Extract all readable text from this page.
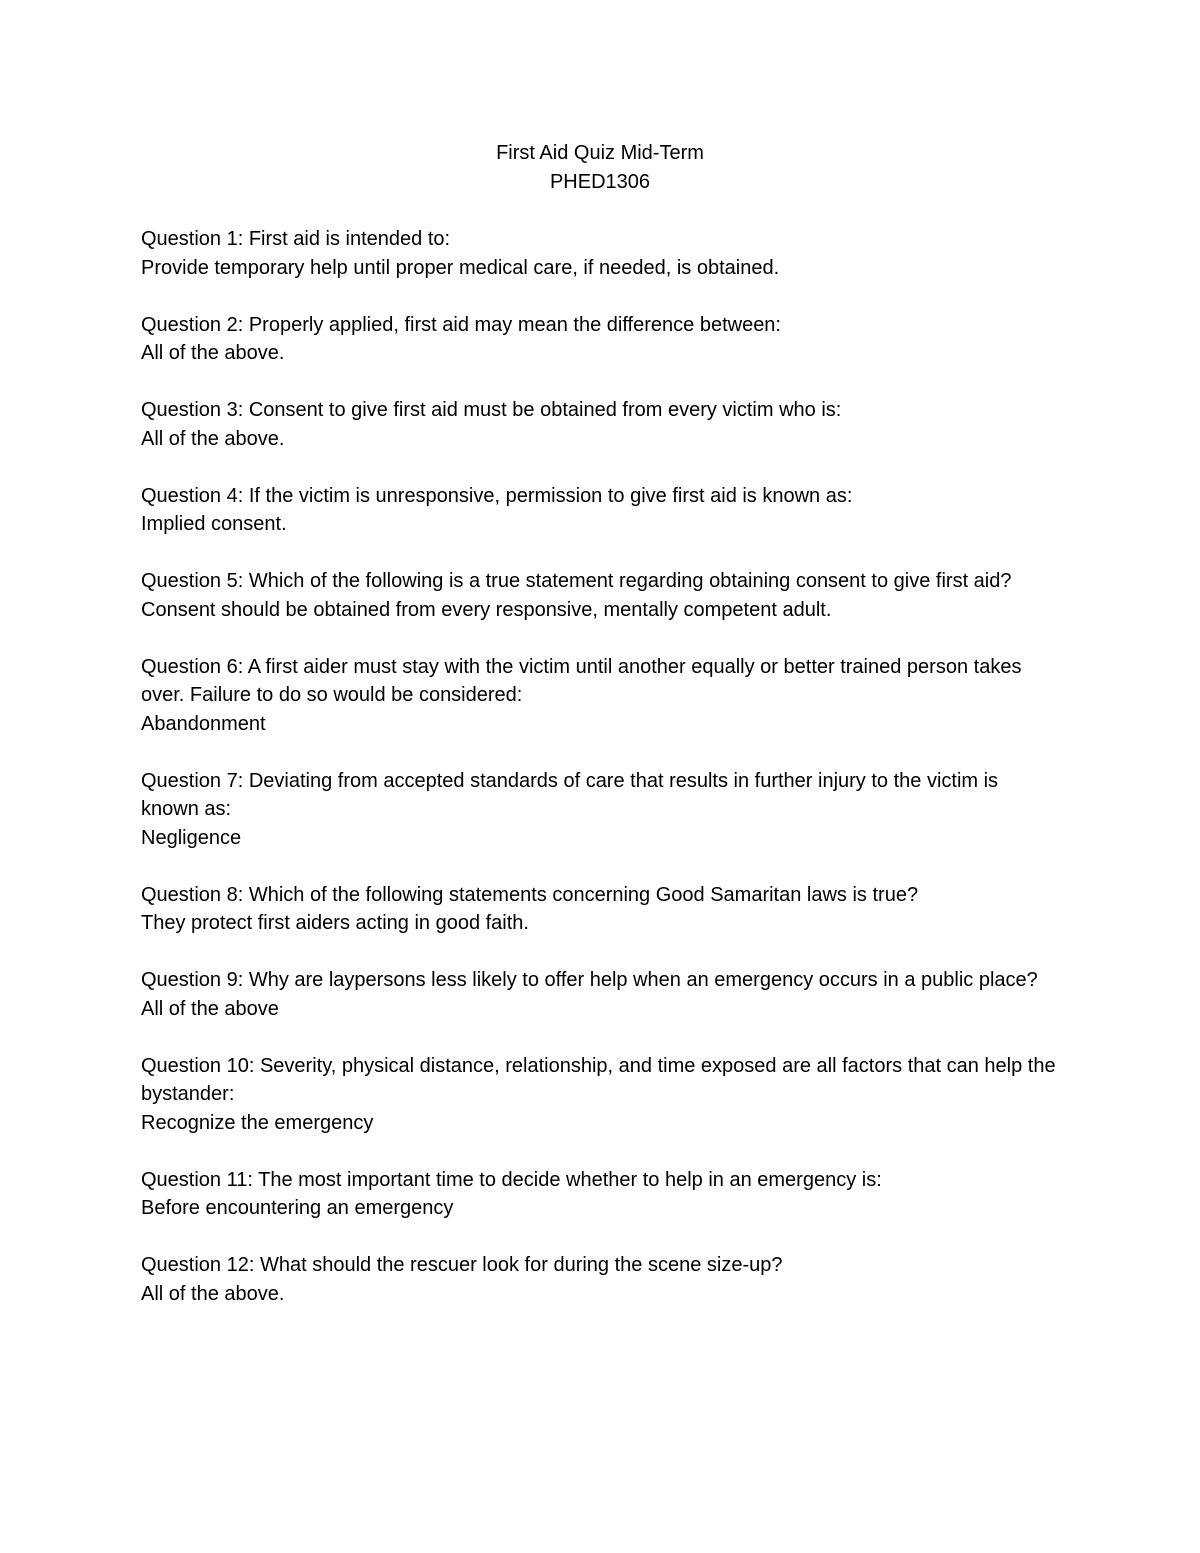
First Aid Quiz Mid-Term
PHED1306
Question 1: First aid is intended to:
Provide temporary help until proper medical care, if needed, is obtained.
Question 2: Properly applied, first aid may mean the difference between:
All of the above.
Question 3: Consent to give first aid must be obtained from every victim who is:
All of the above.
Question 4: If the victim is unresponsive, permission to give first aid is known as:
Implied consent.
Question 5: Which of the following is a true statement regarding obtaining consent to give first aid?
Consent should be obtained from every responsive, mentally competent adult.
Question 6: A first aider must stay with the victim until another equally or better trained person takes over. Failure to do so would be considered:
Abandonment
Question 7: Deviating from accepted standards of care that results in further injury to the victim is known as:
Negligence
Question 8: Which of the following statements concerning Good Samaritan laws is true?
They protect first aiders acting in good faith.
Question 9: Why are laypersons less likely to offer help when an emergency occurs in a public place?
All of the above
Question 10: Severity, physical distance, relationship, and time exposed are all factors that can help the bystander:
Recognize the emergency
Question 11: The most important time to decide whether to help in an emergency is:
Before encountering an emergency
Question 12: What should the rescuer look for during the scene size-up?
All of the above.
